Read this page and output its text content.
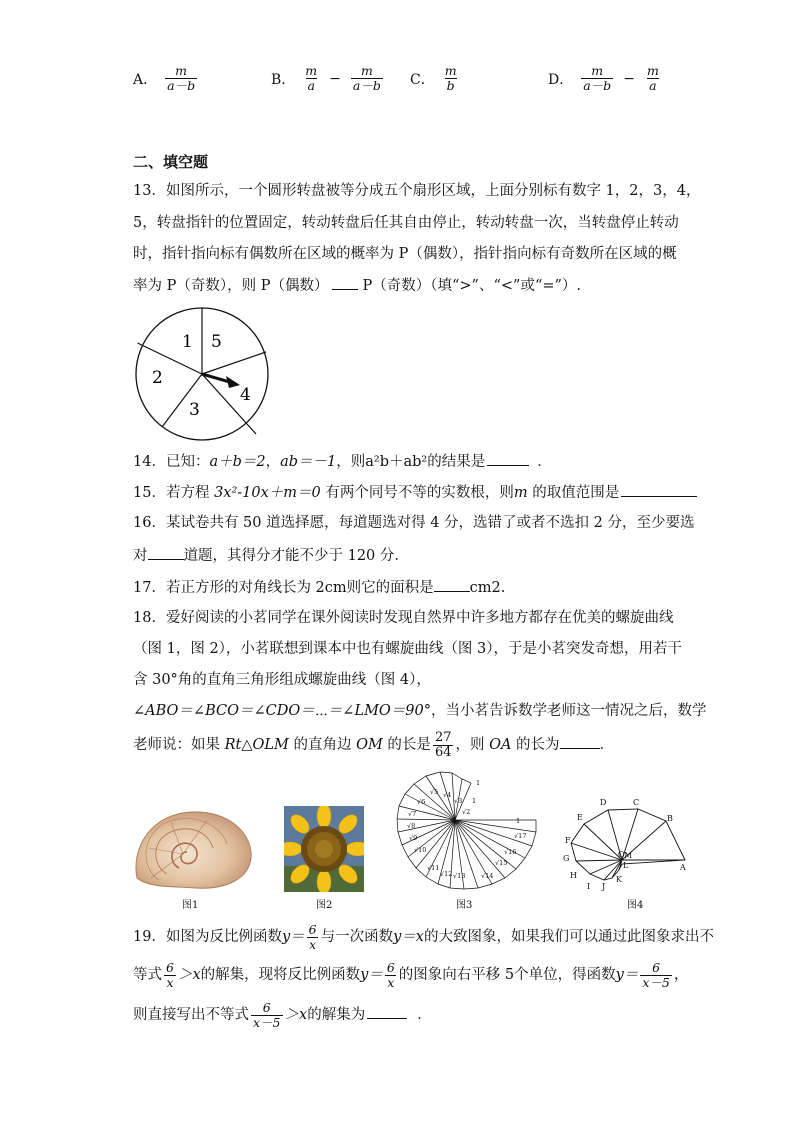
A． $\frac{m}{a-b}$	B． $\frac{m}{a} - \frac{m}{a-b}$ C． $\frac{m}{b}$	D． $\frac{m}{a-b} - \frac{m}{a}$
二、填空题
13．如图所示，一个圆形转盘被等分成五个扇形区域，上面分别标有数字 1，2，3，4，
5，转盘指针的位置固定，转动转盘后任其自由停止，转动转盘一次，当转盘停止转动
时，指针指向标有偶数所在区域的概率为 P（偶数），指针指向标有奇数所在区域的概
率为 P（奇数），则 P（偶数） P（奇数）（填“>”、“<”或“=”）.
1 5
2
4
3
14．已知：a＋b＝2，ab＝－1，则a²b＋ab²的结果是	．
15．若方程 3x²-10x＋m＝0 有两个同号不等的实数根，则m 的取值范围是
16．某试卷共有 50 道选择愿，每道题选对得 4 分，选错了或者不选扣 2 分，至少要选
对 道题，其得分才能不少于 120 分．
17．若正方形的对角线长为 2cm则它的面积是 cm2.
18．爱好阅读的小茗同学在课外阅读时发现自然界中许多地方都存在优美的螺旋曲线
（图 1，图 2），小茗联想到课本中也有螺旋曲线（图 3），于是小茗突发奇想，用若干
含 30°角的直角三角形组成螺旋曲线（图 4），
∠ABO＝∠BCO＝∠CDO＝⋯＝∠LMO＝90°，当小茗告诉数学老师这一情况之后，数学
老师说：如果 Rt△OLM 的直角边 OM 的长是 $\frac{27}{64}$ ，则 OA 的长为	．
图1	图2
√2
√3
√4
√5
√6
√7
√8
√9
√10
√11
√12 √13 √14
√15
√16
√17
1
1
1
图3
D	C
B
E
F
G	O M
L	A
H
I J
K
图4
19．如图为反比例函数$y= \frac{6}{x}$ 与一次函数y＝x的大致图象，如果我们可以通过此图象求出不
等式 $\frac{6}{x} >x$的解集，现将反比例函数$y= \frac{6}{x}$ 的图象向右平移 5个单位，得函数$y= \frac{6}{x-5}$ ，
则直接写出不等式 $\frac{6}{x-5} >x$的解集为	．
